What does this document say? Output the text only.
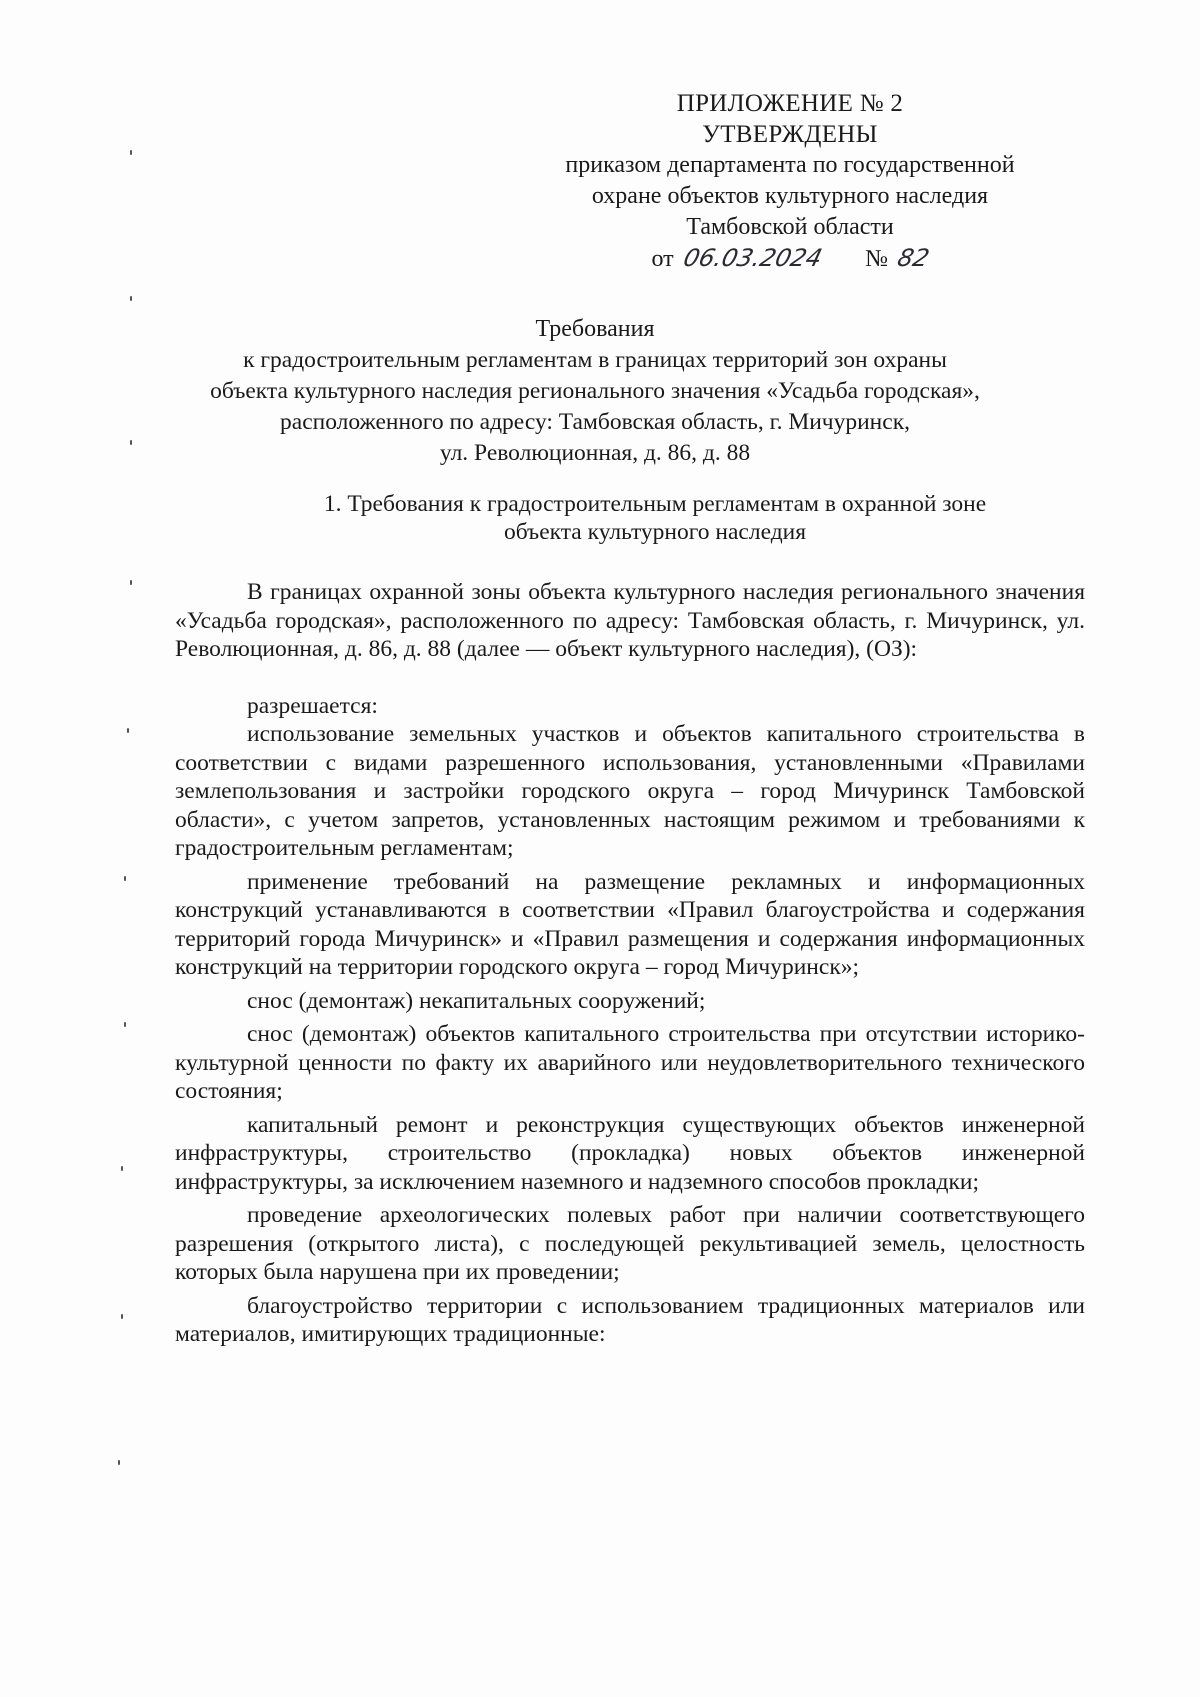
ПРИЛОЖЕНИЕ № 2
УТВЕРЖДЕНЫ
приказом департамента по государственной
охране объектов культурного наследия
Тамбовской области
от 06.03.2024 № 82
Требования
к градостроительным регламентам в границах территорий зон охраны
объекта культурного наследия регионального значения «Усадьба городская»,
расположенного по адресу: Тамбовская область, г. Мичуринск,
ул. Революционная, д. 86, д. 88
1. Требования к градостроительным регламентам в охранной зоне
объекта культурного наследия

В границах охранной зоны объекта культурного наследия регионального значения «Усадьба городская», расположенного по адресу: Тамбовская область, г. Мичуринск, ул. Революционная, д. 86, д. 88 (далее — объект культурного наследия), (ОЗ):

разрешается:

использование земельных участков и объектов капитального строительства в соответствии с видами разрешенного использования, установленными «Правилами землепользования и застройки городского округа – город Мичуринск Тамбовской области», с учетом запретов, установленных настоящим режимом и требованиями к градостроительным регламентам;

применение требований на размещение рекламных и информационных конструкций устанавливаются в соответствии «Правил благоустройства и содержания территорий города Мичуринск» и «Правил размещения и содержания информационных конструкций на территории городского округа – город Мичуринск»;

снос (демонтаж) некапитальных сооружений;

снос (демонтаж) объектов капитального строительства при отсутствии историко-культурной ценности по факту их аварийного или неудовлетворительного технического состояния;

капитальный ремонт и реконструкция существующих объектов инженерной инфраструктуры, строительство (прокладка) новых объектов инженерной инфраструктуры, за исключением наземного и надземного способов прокладки;

проведение археологических полевых работ при наличии соответствующего разрешения (открытого листа), с последующей рекультивацией земель, целостность которых была нарушена при их проведении;

благоустройство территории с использованием традиционных материалов или материалов, имитирующих традиционные:
